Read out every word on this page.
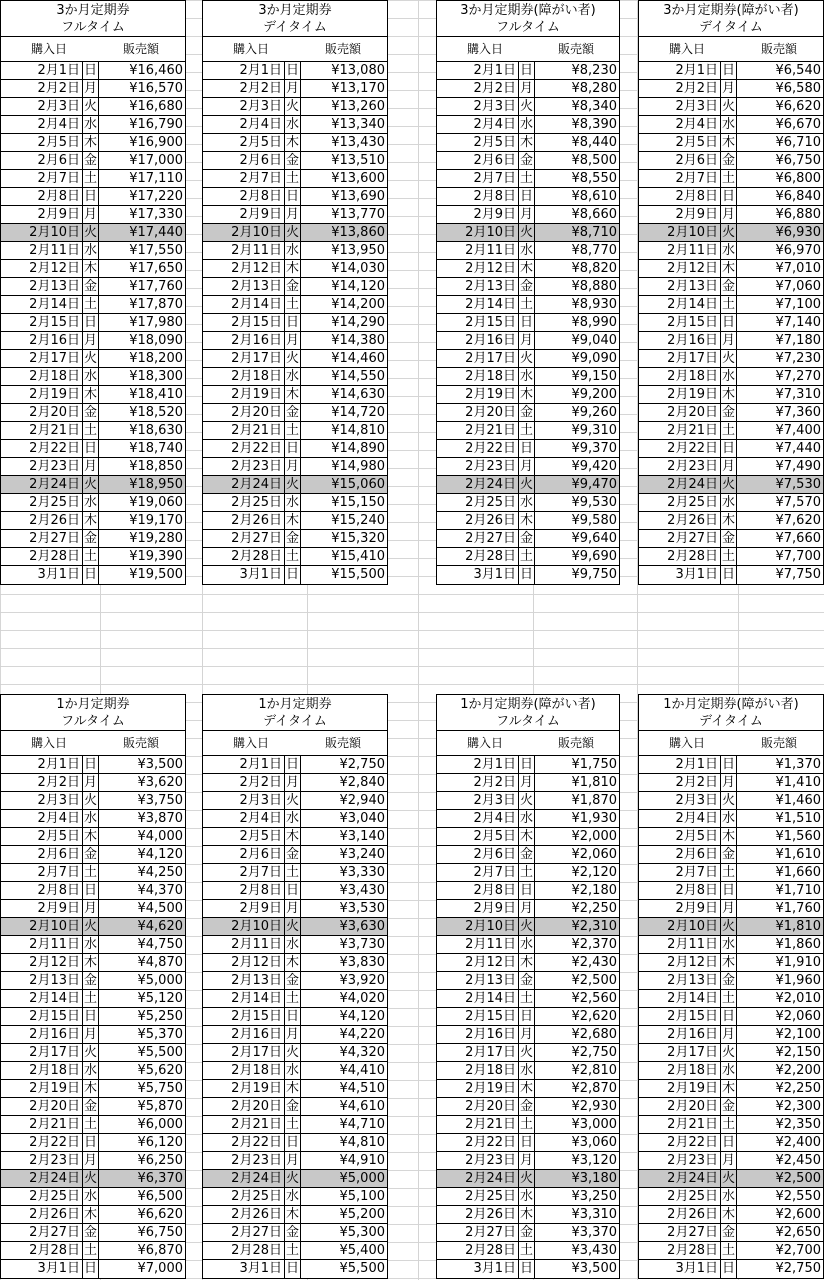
3か月定期券
フルタイム
購入日	販売額
2月1日 日	¥16,460
2月2日 月	¥16,570
2月3日 火	¥16,680
2月4日 水	¥16,790
2月5日 木	¥16,900
2月6日 金	¥17,000
2月7日 土	¥17,110
2月8日 日	¥17,220
2月9日 月	¥17,330
2月10日 火	¥17,440
2月11日 水	¥17,550
2月12日 木	¥17,650
2月13日 金	¥17,760
2月14日 土	¥17,870
2月15日 日	¥17,980
2月16日 月	¥18,090
2月17日 火	¥18,200
2月18日 水	¥18,300
2月19日 木	¥18,410
2月20日 金	¥18,520
2月21日 土	¥18,630
2月22日 日	¥18,740
2月23日 月	¥18,850
2月24日 火	¥18,950
2月25日 水	¥19,060
2月26日 木	¥19,170
2月27日 金	¥19,280
2月28日 土	¥19,390
3月1日 日	¥19,500
3か月定期券
デイタイム
購入日	販売額
2月1日 日	¥13,080
2月2日 月	¥13,170
2月3日 火	¥13,260
2月4日 水	¥13,340
2月5日 木	¥13,430
2月6日 金	¥13,510
2月7日 土	¥13,600
2月8日 日	¥13,690
2月9日 月	¥13,770
2月10日 火	¥13,860
2月11日 水	¥13,950
2月12日 木	¥14,030
2月13日 金	¥14,120
2月14日 土	¥14,200
2月15日 日	¥14,290
2月16日 月	¥14,380
2月17日 火	¥14,460
2月18日 水	¥14,550
2月19日 木	¥14,630
2月20日 金	¥14,720
2月21日 土	¥14,810
2月22日 日	¥14,890
2月23日 月	¥14,980
2月24日 火	¥15,060
2月25日 水	¥15,150
2月26日 木	¥15,240
2月27日 金	¥15,320
2月28日 土	¥15,410
3月1日 日	¥15,500
3か月定期券(障がい者)
フルタイム
購入日	販売額
2月1日 日	¥8,230
2月2日 月	¥8,280
2月3日 火	¥8,340
2月4日 水	¥8,390
2月5日 木	¥8,440
2月6日 金	¥8,500
2月7日 土	¥8,550
2月8日 日	¥8,610
2月9日 月	¥8,660
2月10日 火	¥8,710
2月11日 水	¥8,770
2月12日 木	¥8,820
2月13日 金	¥8,880
2月14日 土	¥8,930
2月15日 日	¥8,990
2月16日 月	¥9,040
2月17日 火	¥9,090
2月18日 水	¥9,150
2月19日 木	¥9,200
2月20日 金	¥9,260
2月21日 土	¥9,310
2月22日 日	¥9,370
2月23日 月	¥9,420
2月24日 火	¥9,470
2月25日 水	¥9,530
2月26日 木	¥9,580
2月27日 金	¥9,640
2月28日 土	¥9,690
3月1日 日	¥9,750
3か月定期券(障がい者)
デイタイム
購入日	販売額
2月1日 日	¥6,540
2月2日 月	¥6,580
2月3日 火	¥6,620
2月4日 水	¥6,670
2月5日 木	¥6,710
2月6日 金	¥6,750
2月7日 土	¥6,800
2月8日 日	¥6,840
2月9日 月	¥6,880
2月10日 火	¥6,930
2月11日 水	¥6,970
2月12日 木	¥7,010
2月13日 金	¥7,060
2月14日 土	¥7,100
2月15日 日	¥7,140
2月16日 月	¥7,180
2月17日 火	¥7,230
2月18日 水	¥7,270
2月19日 木	¥7,310
2月20日 金	¥7,360
2月21日 土	¥7,400
2月22日 日	¥7,440
2月23日 月	¥7,490
2月24日 火	¥7,530
2月25日 水	¥7,570
2月26日 木	¥7,620
2月27日 金	¥7,660
2月28日 土	¥7,700
3月1日 日	¥7,750
1か月定期券
フルタイム
購入日	販売額
2月1日 日	¥3,500
2月2日 月	¥3,620
2月3日 火	¥3,750
2月4日 水	¥3,870
2月5日 木	¥4,000
2月6日 金	¥4,120
2月7日 土	¥4,250
2月8日 日	¥4,370
2月9日 月	¥4,500
2月10日 火	¥4,620
2月11日 水	¥4,750
2月12日 木	¥4,870
2月13日 金	¥5,000
2月14日 土	¥5,120
2月15日 日	¥5,250
2月16日 月	¥5,370
2月17日 火	¥5,500
2月18日 水	¥5,620
2月19日 木	¥5,750
2月20日 金	¥5,870
2月21日 土	¥6,000
2月22日 日	¥6,120
2月23日 月	¥6,250
2月24日 火	¥6,370
2月25日 水	¥6,500
2月26日 木	¥6,620
2月27日 金	¥6,750
2月28日 土	¥6,870
3月1日 日	¥7,000
1か月定期券
デイタイム
購入日	販売額
2月1日 日	¥2,750
2月2日 月	¥2,840
2月3日 火	¥2,940
2月4日 水	¥3,040
2月5日 木	¥3,140
2月6日 金	¥3,240
2月7日 土	¥3,330
2月8日 日	¥3,430
2月9日 月	¥3,530
2月10日 火	¥3,630
2月11日 水	¥3,730
2月12日 木	¥3,830
2月13日 金	¥3,920
2月14日 土	¥4,020
2月15日 日	¥4,120
2月16日 月	¥4,220
2月17日 火	¥4,320
2月18日 水	¥4,410
2月19日 木	¥4,510
2月20日 金	¥4,610
2月21日 土	¥4,710
2月22日 日	¥4,810
2月23日 月	¥4,910
2月24日 火	¥5,000
2月25日 水	¥5,100
2月26日 木	¥5,200
2月27日 金	¥5,300
2月28日 土	¥5,400
3月1日 日	¥5,500
1か月定期券(障がい者)
フルタイム
購入日	販売額
2月1日 日	¥1,750
2月2日 月	¥1,810
2月3日 火	¥1,870
2月4日 水	¥1,930
2月5日 木	¥2,000
2月6日 金	¥2,060
2月7日 土	¥2,120
2月8日 日	¥2,180
2月9日 月	¥2,250
2月10日 火	¥2,310
2月11日 水	¥2,370
2月12日 木	¥2,430
2月13日 金	¥2,500
2月14日 土	¥2,560
2月15日 日	¥2,620
2月16日 月	¥2,680
2月17日 火	¥2,750
2月18日 水	¥2,810
2月19日 木	¥2,870
2月20日 金	¥2,930
2月21日 土	¥3,000
2月22日 日	¥3,060
2月23日 月	¥3,120
2月24日 火	¥3,180
2月25日 水	¥3,250
2月26日 木	¥3,310
2月27日 金	¥3,370
2月28日 土	¥3,430
3月1日 日	¥3,500
1か月定期券(障がい者)
デイタイム
購入日	販売額
2月1日 日	¥1,370
2月2日 月	¥1,410
2月3日 火	¥1,460
2月4日 水	¥1,510
2月5日 木	¥1,560
2月6日 金	¥1,610
2月7日 土	¥1,660
2月8日 日	¥1,710
2月9日 月	¥1,760
2月10日 火	¥1,810
2月11日 水	¥1,860
2月12日 木	¥1,910
2月13日 金	¥1,960
2月14日 土	¥2,010
2月15日 日	¥2,060
2月16日 月	¥2,100
2月17日 火	¥2,150
2月18日 水	¥2,200
2月19日 木	¥2,250
2月20日 金	¥2,300
2月21日 土	¥2,350
2月22日 日	¥2,400
2月23日 月	¥2,450
2月24日 火	¥2,500
2月25日 水	¥2,550
2月26日 木	¥2,600
2月27日 金	¥2,650
2月28日 土	¥2,700
3月1日 日	¥2,750
